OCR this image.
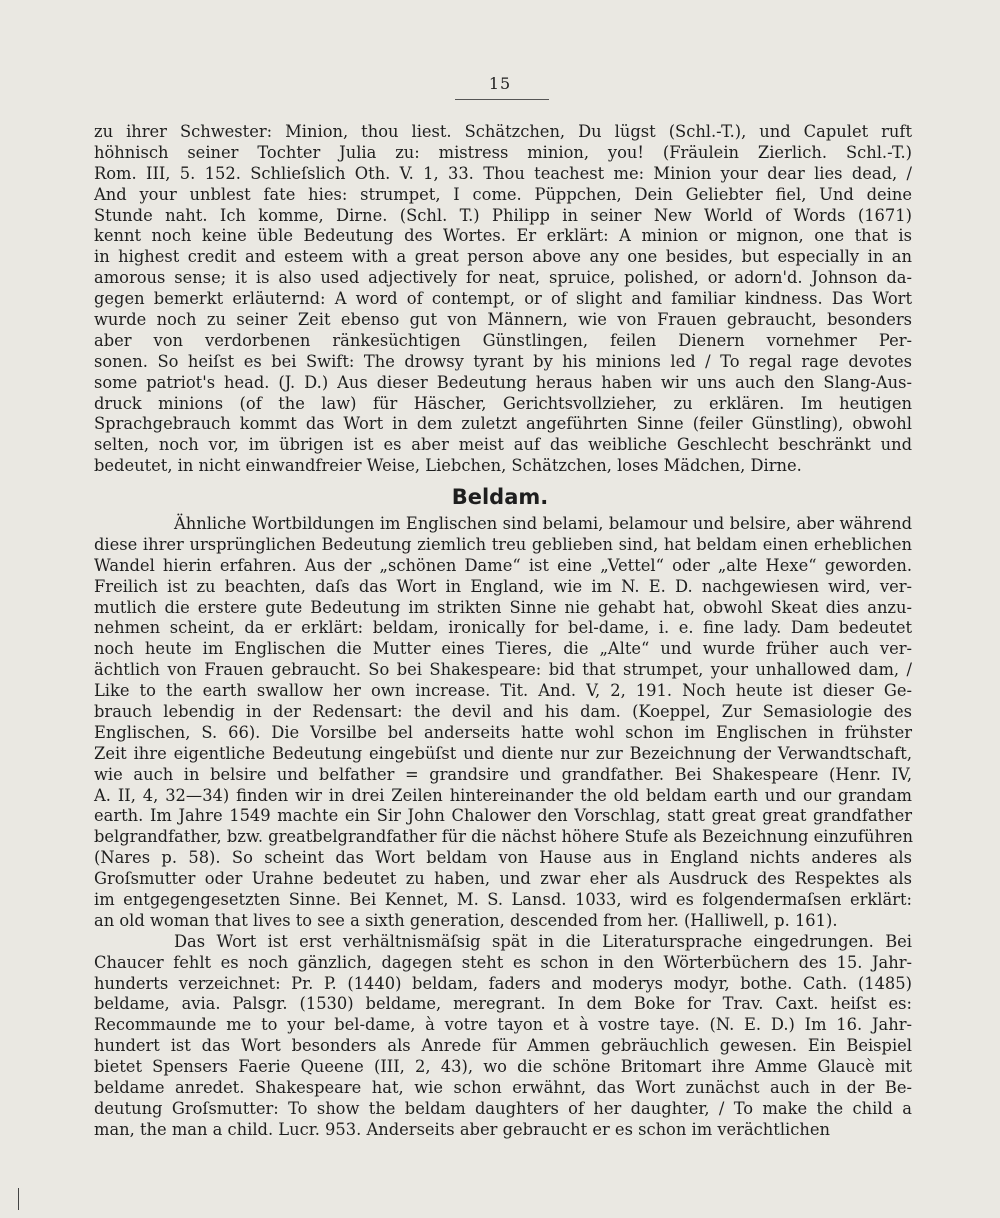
15
zu ihrer Schwester: Minion, thou liest. Schätzchen, Du lügst (Schl.-T.), und Capulet ruft
höhnisch seiner Tochter Julia zu: mistress minion, you! (Fräulein Zierlich. Schl.-T.)
Rom. III, 5. 152. Schlieſslich Oth. V. 1, 33. Thou teachest me: Minion your dear lies dead, /
And your unblest fate hies: strumpet, I come. Püppchen, Dein Geliebter fiel, Und deine
Stunde naht. Ich komme, Dirne. (Schl. T.) Philipp in seiner New World of Words (1671)
kennt noch keine üble Bedeutung des Wortes. Er erklärt: A minion or mignon, one that is
in highest credit and esteem with a great person above any one besides, but especially in an
amorous sense; it is also used adjectively for neat, spruice, polished, or adorn'd. Johnson da-
gegen bemerkt erläuternd: A word of contempt, or of slight and familiar kindness. Das Wort
wurde noch zu seiner Zeit ebenso gut von Männern, wie von Frauen gebraucht, besonders
aber von verdorbenen ränkesüchtigen Günstlingen, feilen Dienern vornehmer Per-
sonen. So heiſst es bei Swift: The drowsy tyrant by his minions led / To regal rage devotes
some patriot's head. (J. D.) Aus dieser Bedeutung heraus haben wir uns auch den Slang-Aus-
druck minions (of the law) für Häscher, Gerichtsvollzieher, zu erklären. Im heutigen
Sprachgebrauch kommt das Wort in dem zuletzt angeführten Sinne (feiler Günstling), obwohl
selten, noch vor, im übrigen ist es aber meist auf das weibliche Geschlecht beschränkt und
bedeutet, in nicht einwandfreier Weise, Liebchen, Schätzchen, loses Mädchen, Dirne.
Beldam.
Ähnliche Wortbildungen im Englischen sind belami, belamour und belsire, aber während
diese ihrer ursprünglichen Bedeutung ziemlich treu geblieben sind, hat beldam einen erheblichen
Wandel hierin erfahren. Aus der „schönen Dame“ ist eine „Vettel“ oder „alte Hexe“ geworden.
Freilich ist zu beachten, daſs das Wort in England, wie im N. E. D. nachgewiesen wird, ver-
mutlich die erstere gute Bedeutung im strikten Sinne nie gehabt hat, obwohl Skeat dies anzu-
nehmen scheint, da er erklärt: beldam, ironically for bel-dame, i. e. fine lady. Dam bedeutet
noch heute im Englischen die Mutter eines Tieres, die „Alte“ und wurde früher auch ver-
ächtlich von Frauen gebraucht. So bei Shakespeare: bid that strumpet, your unhallowed dam, /
Like to the earth swallow her own increase. Tit. And. V, 2, 191. Noch heute ist dieser Ge-
brauch lebendig in der Redensart: the devil and his dam. (Koeppel, Zur Semasiologie des
Englischen, S. 66). Die Vorsilbe bel anderseits hatte wohl schon im Englischen in frühster
Zeit ihre eigentliche Bedeutung eingebüſst und diente nur zur Bezeichnung der Verwandtschaft,
wie auch in belsire und belfather = grandsire und grandfather. Bei Shakespeare (Henr. IV,
A. II, 4, 32—34) finden wir in drei Zeilen hintereinander the old beldam earth und our grandam
earth. Im Jahre 1549 machte ein Sir John Chalower den Vorschlag, statt great great grandfather
belgrandfather, bzw. greatbelgrandfather für die nächst höhere Stufe als Bezeichnung einzuführen
(Nares p. 58). So scheint das Wort beldam von Hause aus in England nichts anderes als
Groſsmutter oder Urahne bedeutet zu haben, und zwar eher als Ausdruck des Respektes als
im entgegengesetzten Sinne. Bei Kennet, M. S. Lansd. 1033, wird es folgendermaſsen erklärt:
an old woman that lives to see a sixth generation, descended from her. (Halliwell, p. 161).
Das Wort ist erst verhältnismäſsig spät in die Literatursprache eingedrungen. Bei
Chaucer fehlt es noch gänzlich, dagegen steht es schon in den Wörterbüchern des 15. Jahr-
hunderts verzeichnet: Pr. P. (1440) beldam, faders and moderys modyr, bothe. Cath. (1485)
beldame, avia. Palsgr. (1530) beldame, meregrant. In dem Boke for Trav. Caxt. heiſst es:
Recommaunde me to your bel-dame, à votre tayon et à vostre taye. (N. E. D.) Im 16. Jahr-
hundert ist das Wort besonders als Anrede für Ammen gebräuchlich gewesen. Ein Beispiel
bietet Spensers Faerie Queene (III, 2, 43), wo die schöne Britomart ihre Amme Glaucè mit
beldame anredet. Shakespeare hat, wie schon erwähnt, das Wort zunächst auch in der Be-
deutung Groſsmutter: To show the beldam daughters of her daughter, / To make the child a
man, the man a child. Lucr. 953. Anderseits aber gebraucht er es schon im verächtlichen
